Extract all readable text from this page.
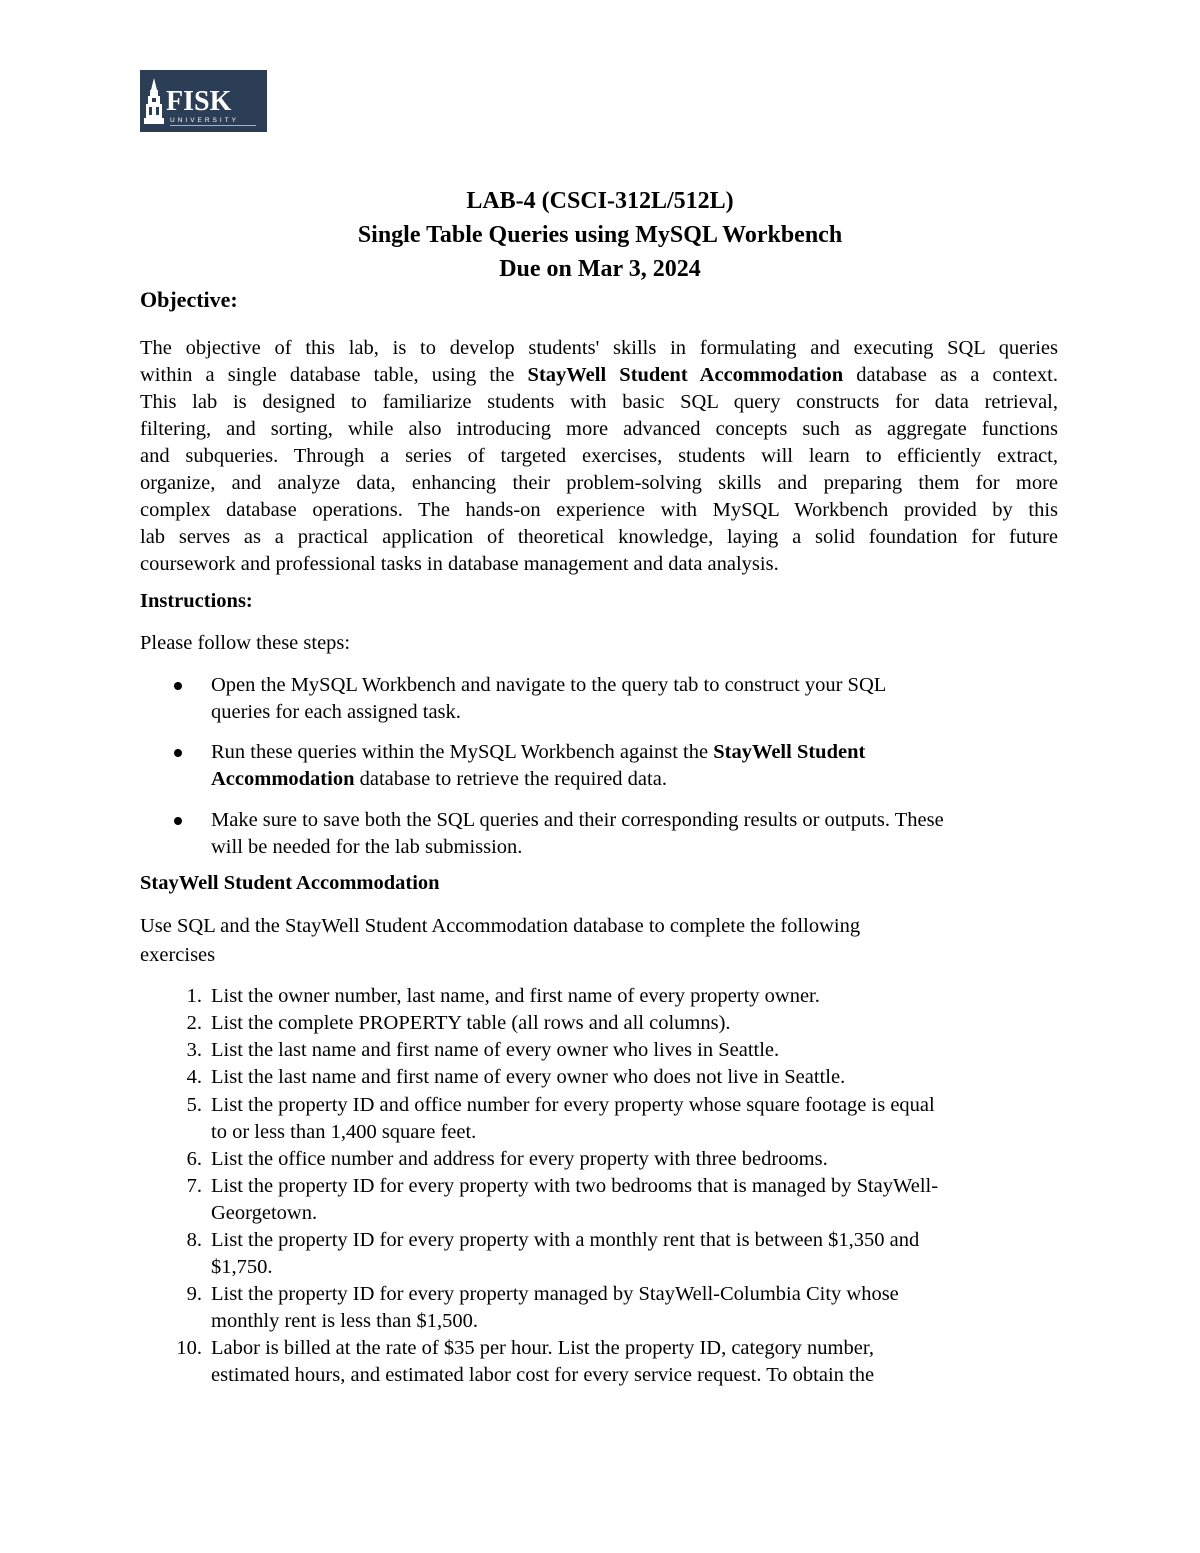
FISK
UNIVERSITY
LAB-4 (CSCI-312L/512L)
Single Table Queries using MySQL Workbench
Due on Mar 3, 2024
Objective:
The objective of this lab, is to develop students' skills in formulating and executing SQL queries
within a single database table, using the StayWell Student Accommodation database as a context.
This lab is designed to familiarize students with basic SQL query constructs for data retrieval,
filtering, and sorting, while also introducing more advanced concepts such as aggregate functions
and subqueries. Through a series of targeted exercises, students will learn to efficiently extract,
organize, and analyze data, enhancing their problem-solving skills and preparing them for more
complex database operations. The hands-on experience with MySQL Workbench provided by this
lab serves as a practical application of theoretical knowledge, laying a solid foundation for future
coursework and professional tasks in database management and data analysis.
Instructions:
Please follow these steps:
Open the MySQL Workbench and navigate to the query tab to construct your SQL
queries for each assigned task.
Run these queries within the MySQL Workbench against the StayWell Student
Accommodation database to retrieve the required data.
Make sure to save both the SQL queries and their corresponding results or outputs. These
will be needed for the lab submission.
StayWell Student Accommodation
Use SQL and the StayWell Student Accommodation database to complete the following
exercises
1. List the owner number, last name, and first name of every property owner.
2. List the complete PROPERTY table (all rows and all columns).
3. List the last name and first name of every owner who lives in Seattle.
4. List the last name and first name of every owner who does not live in Seattle.
5. List the property ID and office number for every property whose square footage is equal
to or less than 1,400 square feet.
6. List the office number and address for every property with three bedrooms.
7. List the property ID for every property with two bedrooms that is managed by StayWell-
Georgetown.
8. List the property ID for every property with a monthly rent that is between $1,350 and
$1,750.
9. List the property ID for every property managed by StayWell-Columbia City whose
monthly rent is less than $1,500.
10. Labor is billed at the rate of $35 per hour. List the property ID, category number,
estimated hours, and estimated labor cost for every service request. To obtain the
